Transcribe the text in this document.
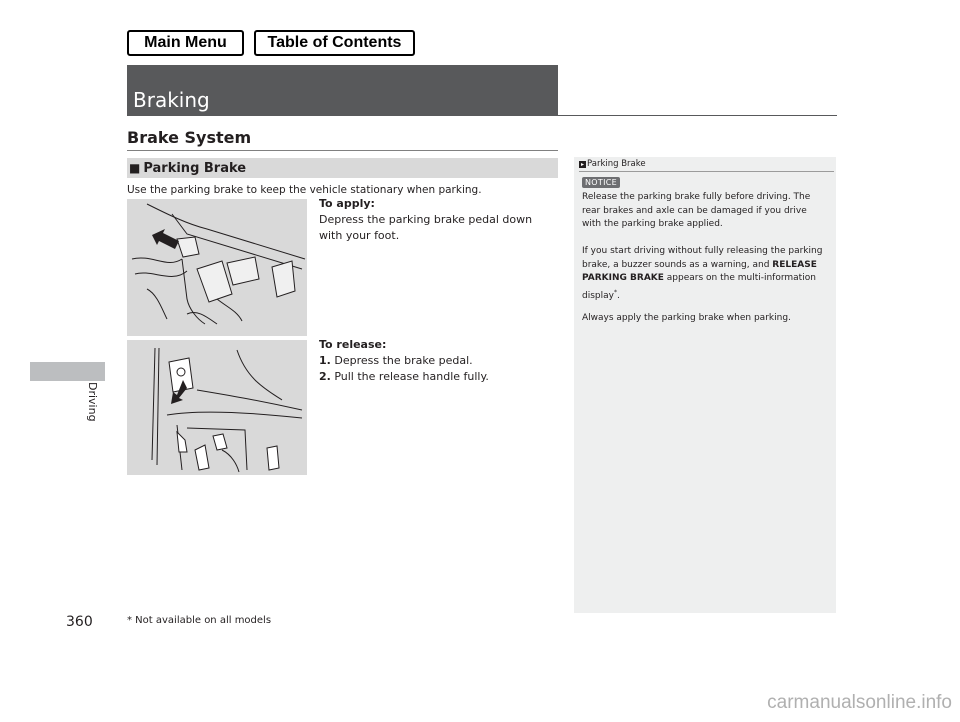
Main Menu	Table of Contents
Braking
Brake System
■ Parking Brake
Use the parking brake to keep the vehicle stationary when parking.
To apply:
Depress the parking brake pedal down with your foot.
To release:
1. Depress the brake pedal.
2. Pull the release handle fully.
▸ Parking Brake
NOTICE
Release the parking brake fully before driving. The rear brakes and axle can be damaged if you drive with the parking brake applied.
If you start driving without fully releasing the parking brake, a buzzer sounds as a warning, and RELEASE PARKING BRAKE appears on the multi-information display*.
Always apply the parking brake when parking.
Driving
360	* Not available on all models
carmanualsonline.info
